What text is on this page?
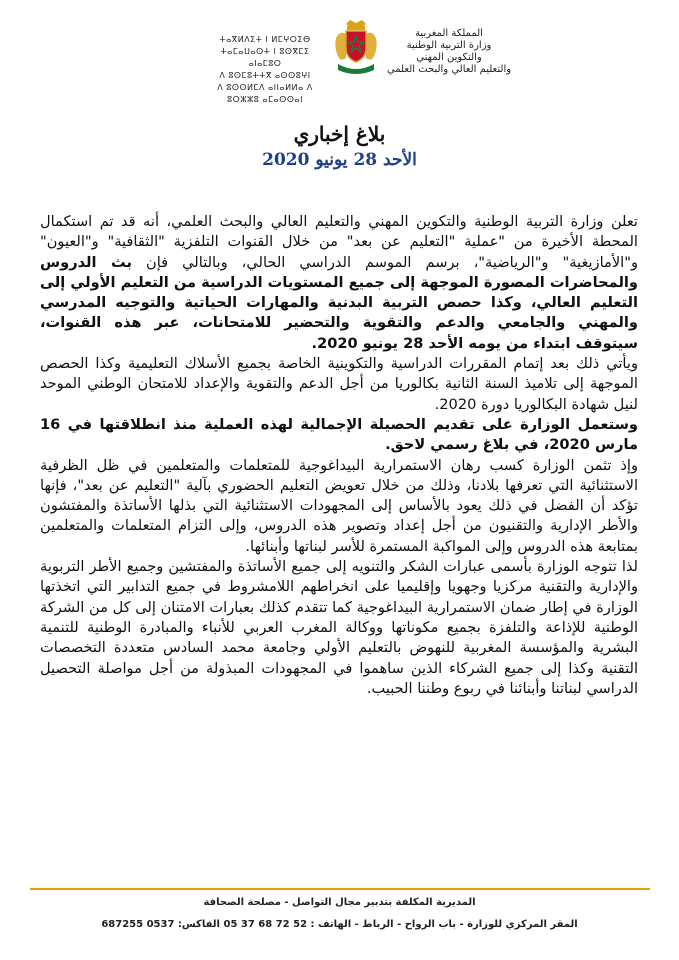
المملكة المغربية
وزارة التربية الوطنية
والتكوين المهني
والتعليم العالي والبحث العلمي
ⵜⴰⴳⵍⴷⵉⵜ ⵏ ⵍⵎⵖⵔⵉⴱ
ⵜⴰⵎⴰⵡⴰⵙⵜ ⵏ ⵓⵙⴳⵎⵉ ⴰⵏⴰⵎⵓⵔ
ⴷ ⵓⵙⵎⵓⵜⵜⴳ ⴰⵙⵙⵓⵖⵏ
ⴷ ⵓⵙⵙⵍⵎⴷ ⴰⵏⵏⴰⵍⵍⴰ ⴷ ⵓⵔⵣⵣⵓ ⴰⵎⴰⵙⵙⴰⵏ
بلاغ إخباري
الأحد 28 يونيو 2020

تعلن وزارة التربية الوطنية والتكوين المهني والتعليم العالي والبحث العلمي، أنه قد تم استكمال المحطة الأخيرة من "عملية "التعليم عن بعد" من خلال القنوات التلفزية "الثقافية" و"العيون" و"الأمازيغية" و"الرياضية"، برسم الموسم الدراسي الحالي، وبالتالي فإن بث الدروس والمحاضرات المصورة الموجهة إلى جميع المستويات الدراسية من التعليم الأولي إلى التعليم العالي، وكذا حصص التربية البدنية والمهارات الحياتية والتوجيه المدرسي والمهني والجامعي والدعم والتقوية والتحضير للامتحانات، عبر هذه القنوات، سيتوقف ابتداء من يومه الأحد 28 يونيو 2020.

ويأتي ذلك بعد إتمام المقررات الدراسية والتكوينية الخاصة بجميع الأسلاك التعليمية وكذا الحصص الموجهة إلى تلاميذ السنة الثانية بكالوريا من أجل الدعم والتقوية والإعداد للامتحان الوطني الموحد لنيل شهادة البكالوريا دورة 2020.

وستعمل الوزارة على تقديم الحصيلة الإجمالية لهذه العملية منذ انطلاقتها في 16 مارس 2020، في بلاغ رسمي لاحق.

وإذ تثمن الوزارة كسب رهان الاستمرارية البيداغوجية للمتعلمات والمتعلمين في ظل الظرفية الاستثنائية التي تعرفها بلادنا، وذلك من خلال تعويض التعليم الحضوري بآلية "التعليم عن بعد"، فإنها تؤكد أن الفضل في ذلك يعود بالأساس إلى المجهودات الاستثنائية التي بذلها الأساتذة والمفتشون والأطر الإدارية والتقنيون من أجل إعداد وتصوير هذه الدروس، وإلى التزام المتعلمات والمتعلمين بمتابعة هذه الدروس وإلى المواكبة المستمرة للأسر لبناتها وأبنائها.

لذا تتوجه الوزارة بأسمى عبارات الشكر والتنويه إلى جميع الأساتذة والمفتشين وجميع الأطر التربوية والإدارية والتقنية مركزيا وجهويا وإقليميا على انخراطهم اللامشروط في جميع التدابير التي اتخذتها الوزارة في إطار ضمان الاستمرارية البيداغوجية كما تتقدم كذلك بعبارات الامتنان إلى كل من الشركة الوطنية للإذاعة والتلفزة بجميع مكوناتها ووكالة المغرب العربي للأنباء والمبادرة الوطنية للتنمية البشرية والمؤسسة المغربية للنهوض بالتعليم الأولي وجامعة محمد السادس متعددة التخصصات التقنية وكذا إلى جميع الشركاء الذين ساهموا في المجهودات المبذولة من أجل مواصلة التحصيل الدراسي لبناتنا وأبنائنا في ربوع وطننا الحبيب.

المديرية المكلفة بتدبير مجال التواصل - مصلحة الصحافة
المقر المركزي للوزارة - باب الرواح - الرباط - الهاتف : 52 72 68 37 05 الفاكس: 0537 687255
